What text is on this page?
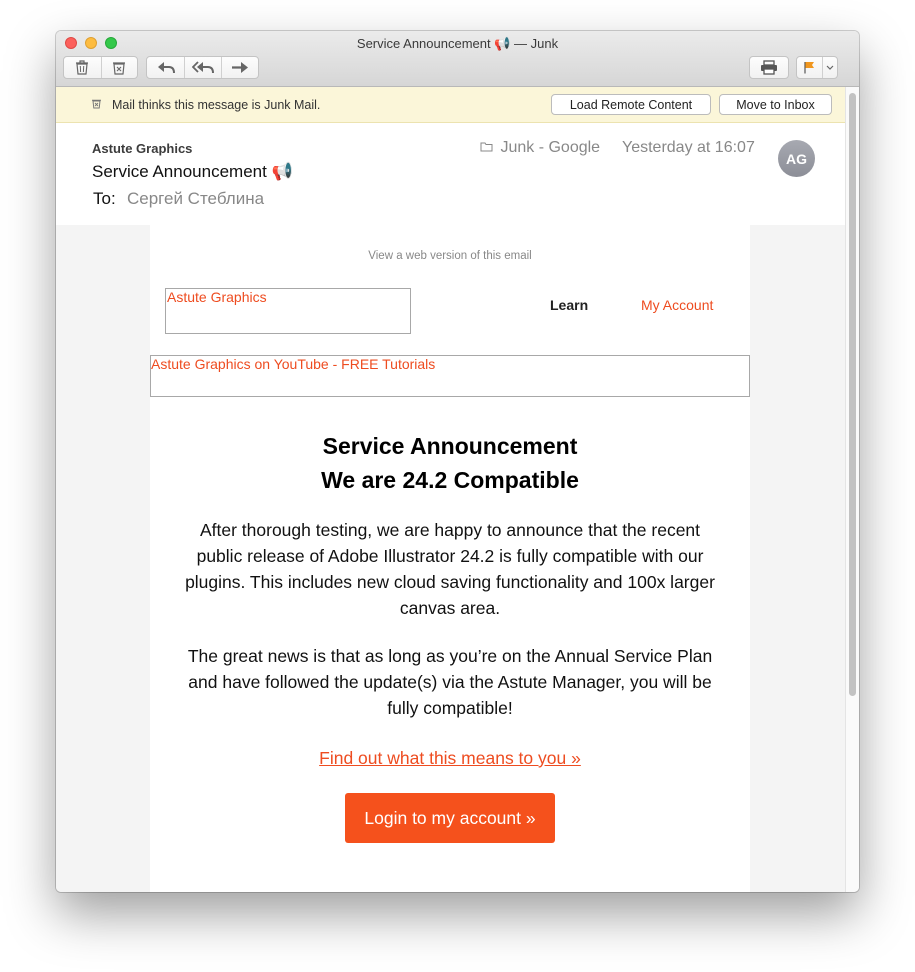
Service Announcement 📢 — Junk
Mail thinks this message is Junk Mail.	Load Remote Content	Move to Inbox
Astute Graphics
Service Announcement 📢
To: Сергей Стеблина
Junk - Google Yesterday at 16:07
AG
View a web version of this email
Astute Graphics	Learn	My Account
Astute Graphics on YouTube - FREE Tutorials
Service Announcement
We are 24.2 Compatible
After thorough testing, we are happy to announce that the recent public release of Adobe Illustrator 24.2 is fully compatible with our plugins. This includes new cloud saving functionality and 100x larger canvas area.
The great news is that as long as you’re on the Annual Service Plan and have followed the update(s) via the Astute Manager, you will be fully compatible!
Find out what this means to you »
Login to my account »
